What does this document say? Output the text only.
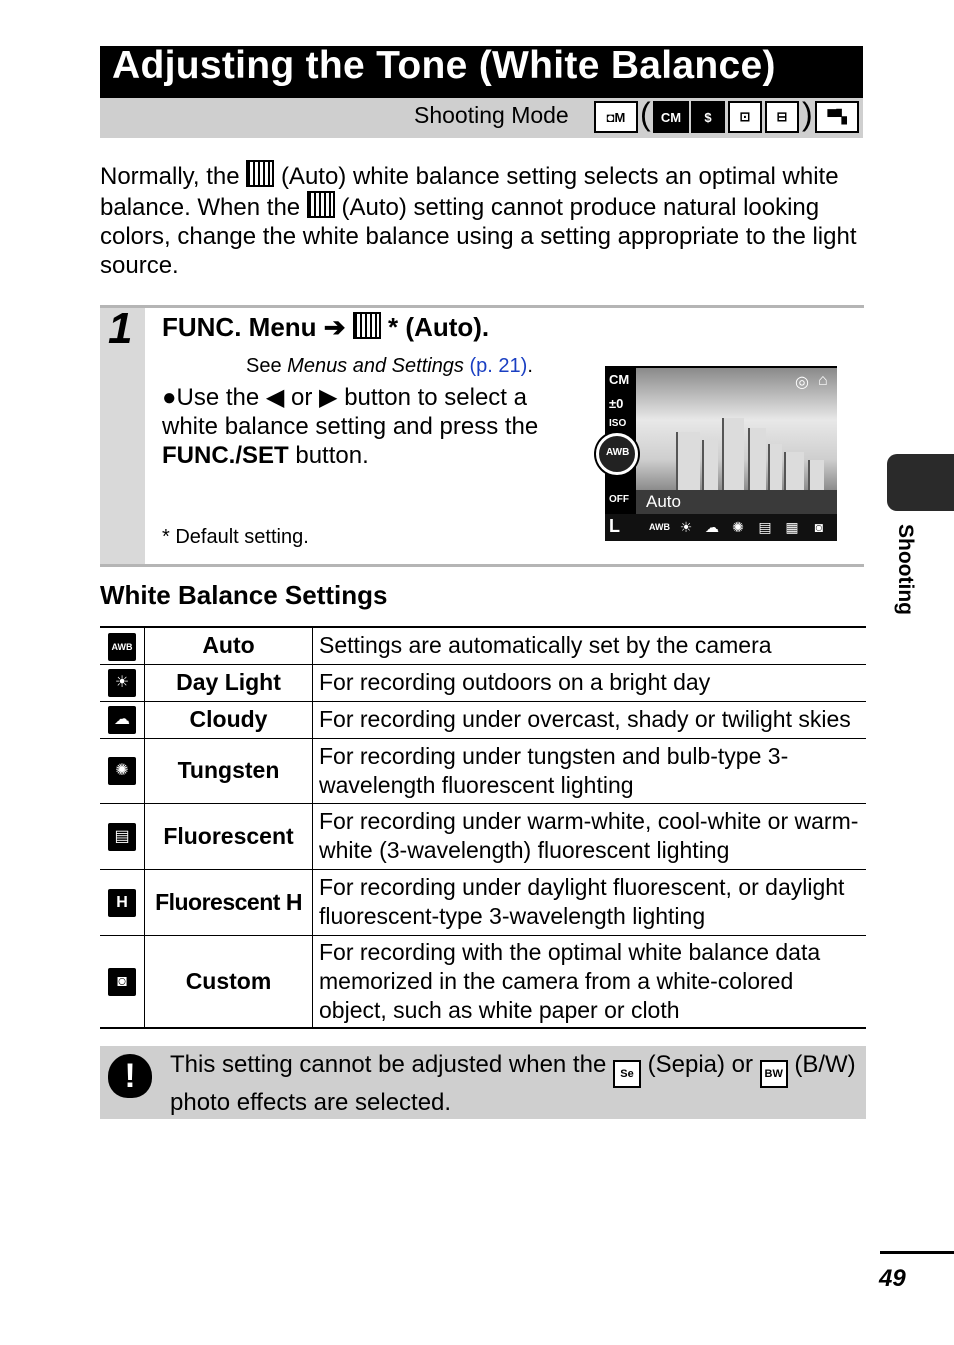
Adjusting the Tone (White Balance)
Shooting Mode	◘M ( CM	$	⊡	⊟ )	▀▚
Normally, the (Auto) white balance setting selects an optimal white balance. When the (Auto) setting cannot produce natural looking colors, change the white balance using a setting appropriate to the light source.
1 FUNC. Menu ➔ * (Auto).
See Menus and Settings (p. 21).
●Use the ◀ or ▶ button to select a white balance setting and press the FUNC./SET button.
* Default setting.
CM
±0
ISO
AWB
OFF
L
Auto
◎ ⌂
AWB ☀ ☁ ✺ ▤ ▦	◙
White Balance Settings
AWB	Auto	Settings are automatically set by the camera
☀	Day Light	For recording outdoors on a bright day
☁	Cloudy	For recording under overcast, shady or twilight skies
✺	Tungsten	For recording under tungsten and bulb-type 3-wavelength fluorescent lighting
▤	Fluorescent	For recording under warm-white, cool-white or warm-white (3-wavelength) fluorescent lighting
H	Fluorescent H	For recording under daylight fluorescent, or daylight fluorescent-type 3-wavelength lighting
◙	Custom	For recording with the optimal white balance data memorized in the camera from a white-colored object, such as white paper or cloth
!	This setting cannot be adjusted when the Se (Sepia) or BW (B/W) photo effects are selected.
Shooting
49
